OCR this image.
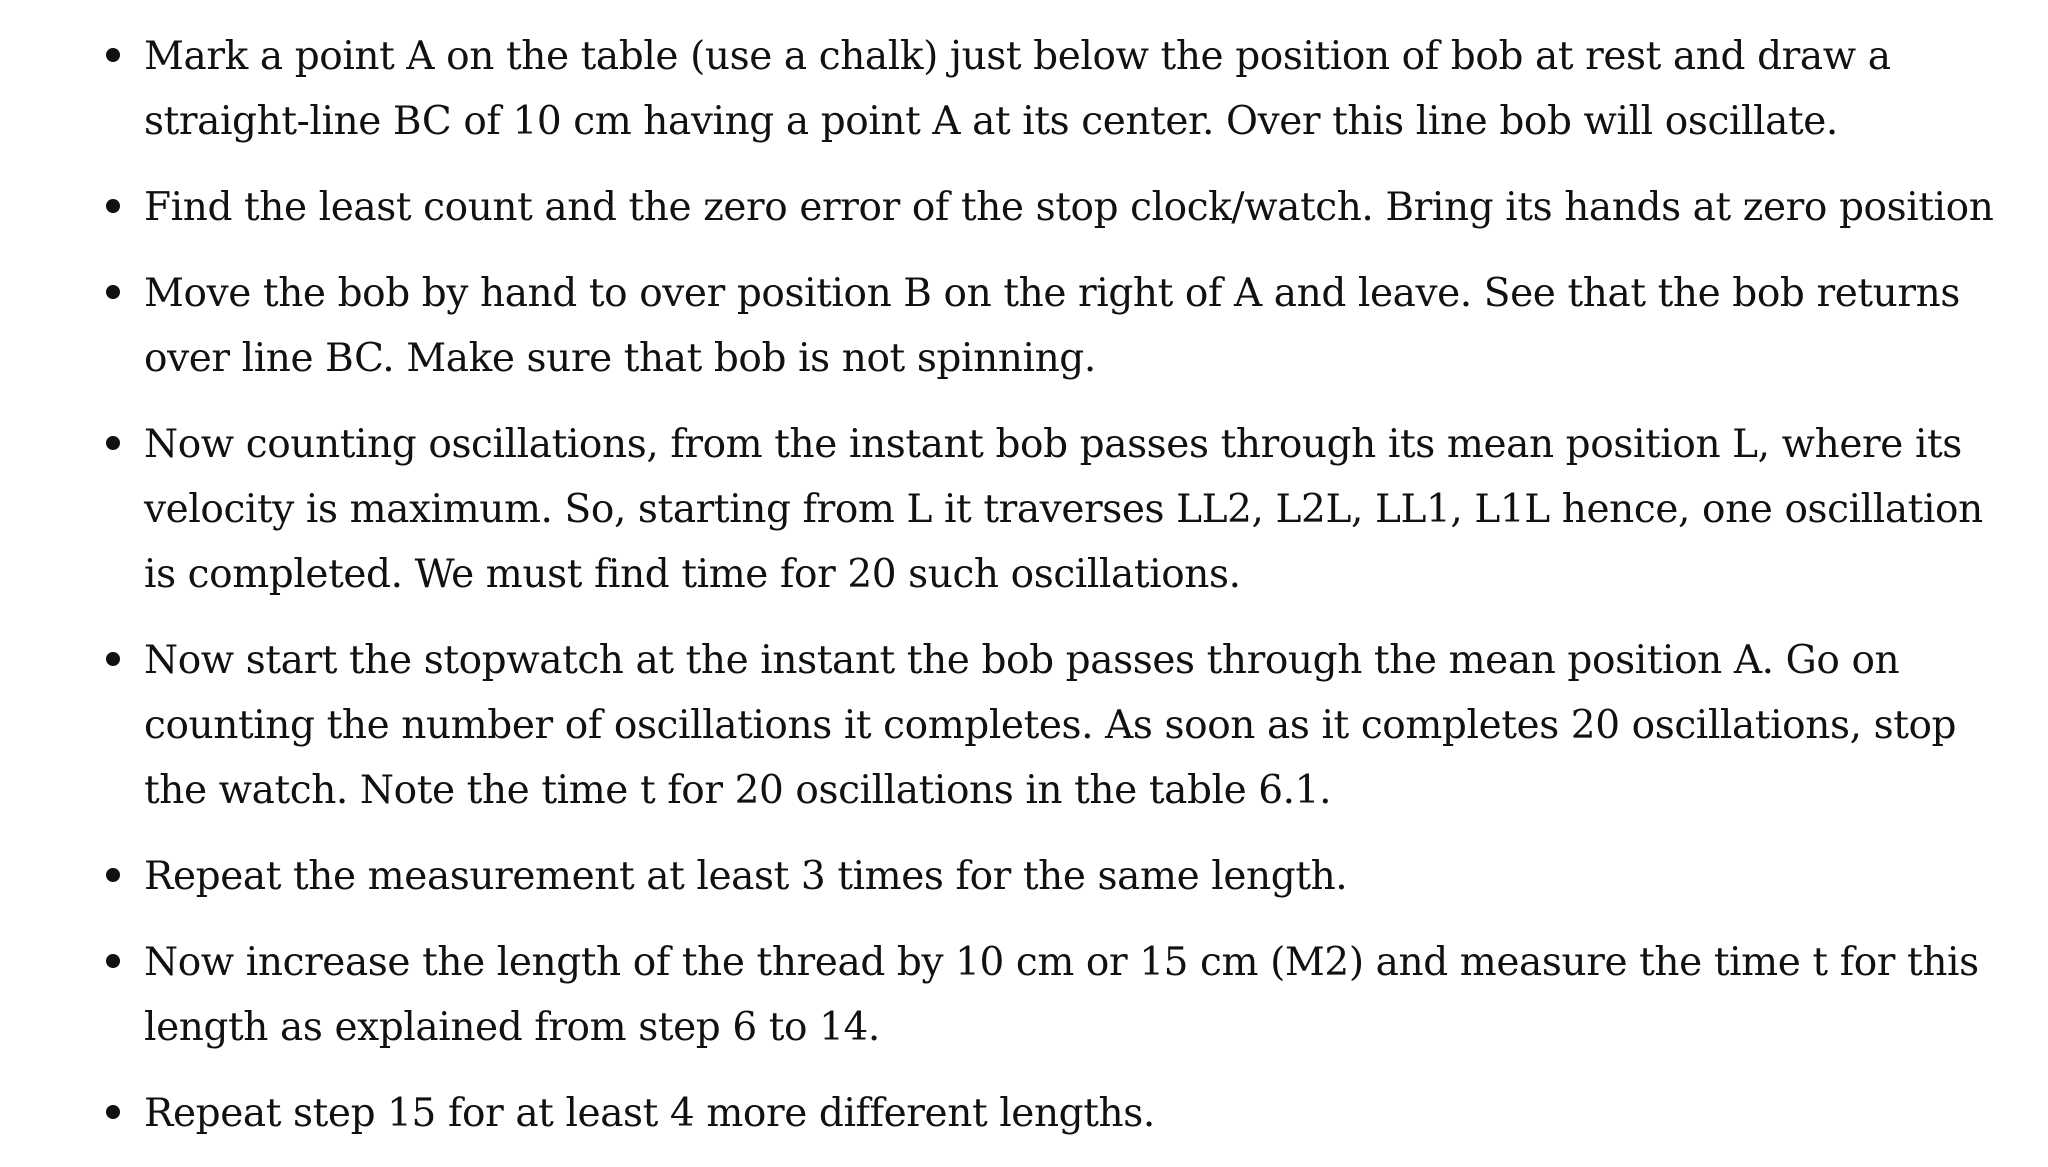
Mark a point A on the table (use a chalk) just below the position of bob at rest and draw a straight-line BC of 10 cm having a point A at its center. Over this line bob will oscillate.
Find the least count and the zero error of the stop clock/watch. Bring its hands at zero position
Move the bob by hand to over position B on the right of A and leave. See that the bob returns over line BC. Make sure that bob is not spinning.
Now counting oscillations, from the instant bob passes through its mean position L, where its velocity is maximum. So, starting from L it traverses LL2, L2L, LL1, L1L hence, one oscillation is completed. We must find time for 20 such oscillations.
Now start the stopwatch at the instant the bob passes through the mean position A. Go on counting the number of oscillations it completes. As soon as it completes 20 oscillations, stop the watch. Note the time t for 20 oscillations in the table 6.1.
Repeat the measurement at least 3 times for the same length.
Now increase the length of the thread by 10 cm or 15 cm (M2) and measure the time t for this length as explained from step 6 to 14.
Repeat step 15 for at least 4 more different lengths.
